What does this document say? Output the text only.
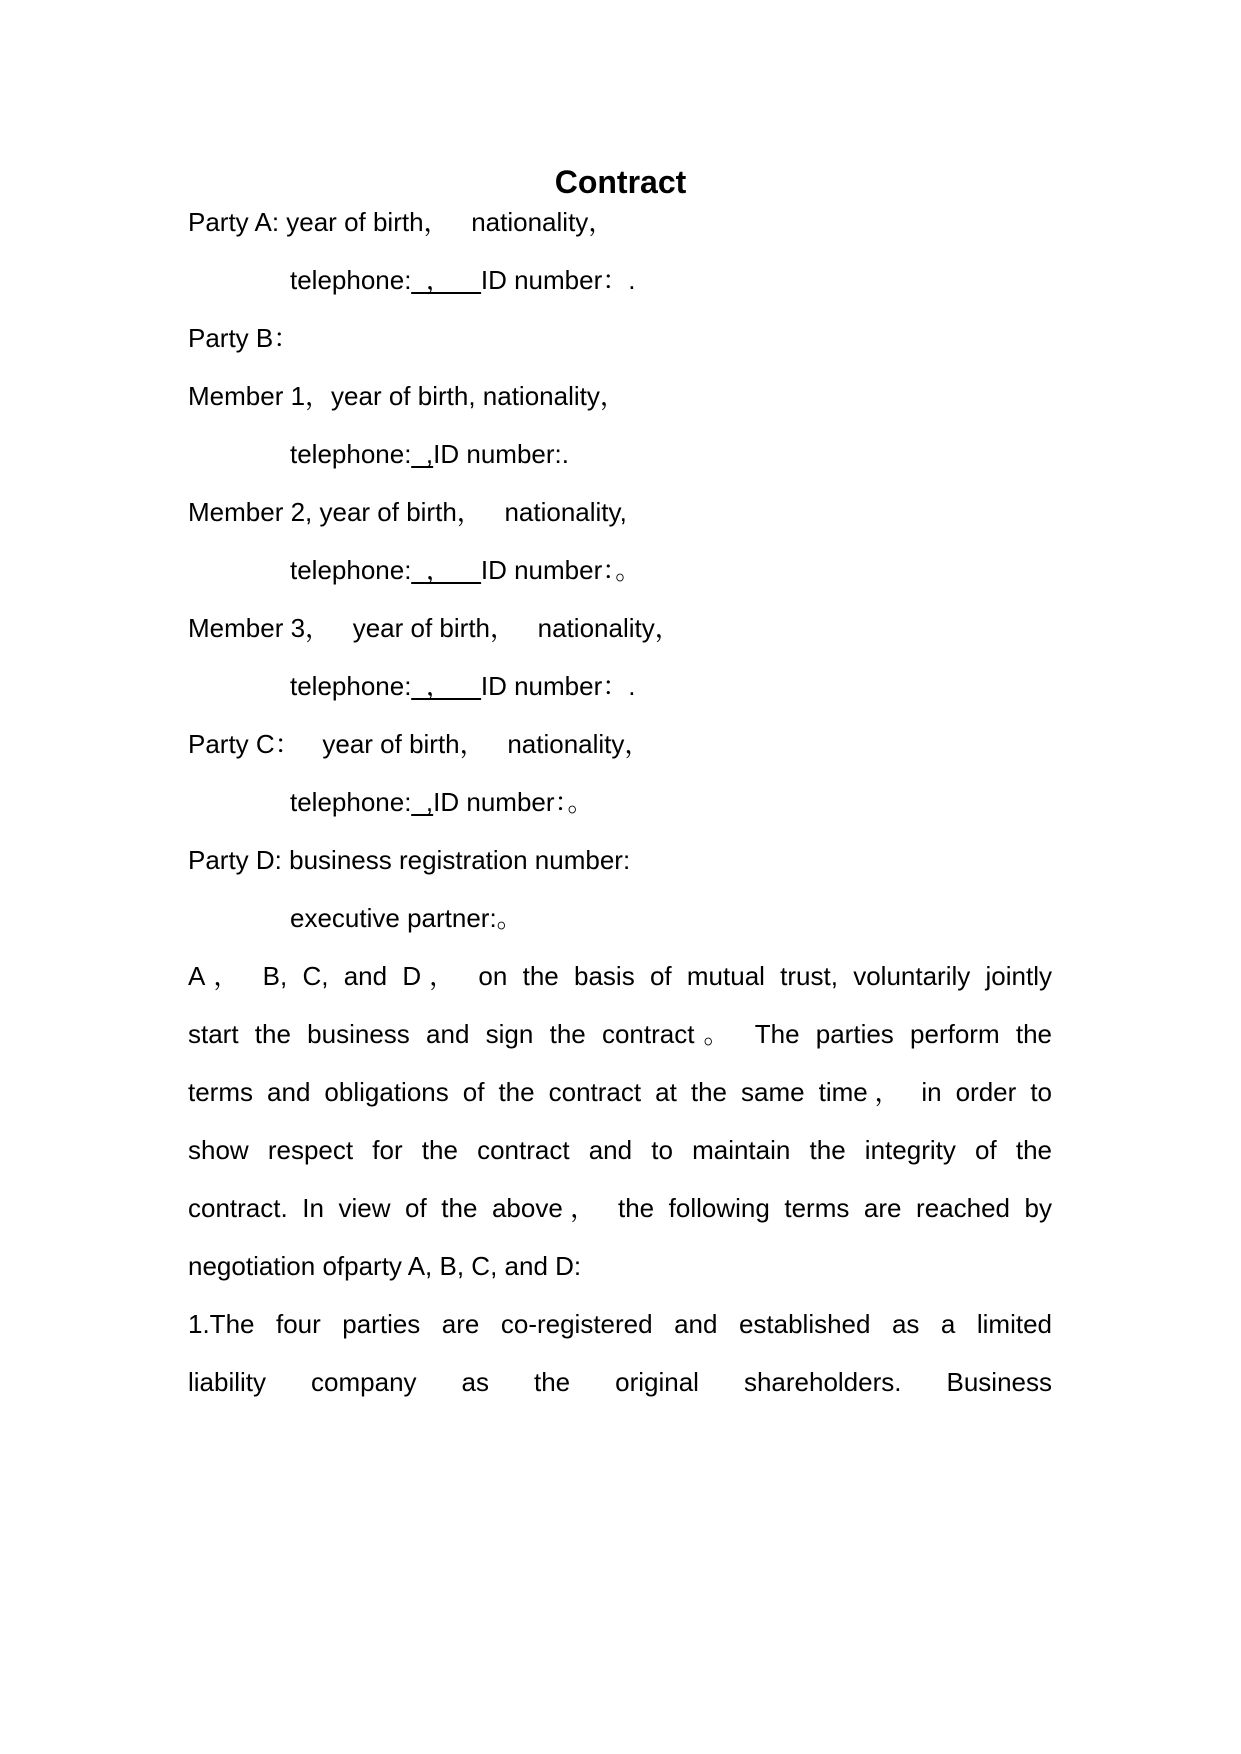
Contract
Party A: year of birth，   nationality，
telephone:_，__ID number：.
Party B：
Member 1，year of birth, nationality，
telephone:_,ID number:.
Member 2, year of birth，   nationality,
telephone:_，__ID number：。
Member 3，   year of birth，   nationality，
telephone:_，__ID number：.
Party C：   year of birth，   nationality，
telephone:_,ID number：。
Party D: business registration number:
executive partner:。
A， B, C, and D， on the basis of mutual trust, voluntarily jointly
start the business and sign the contract。 The parties perform the
terms and obligations of the contract at the same time， in order to
show respect for the contract and to maintain the integrity of the
contract. In view of the above， the following terms are reached by
negotiation ofparty A, B, C, and D:
1.The four parties are co-registered and established as a limited
liability company as the original shareholders. Business
